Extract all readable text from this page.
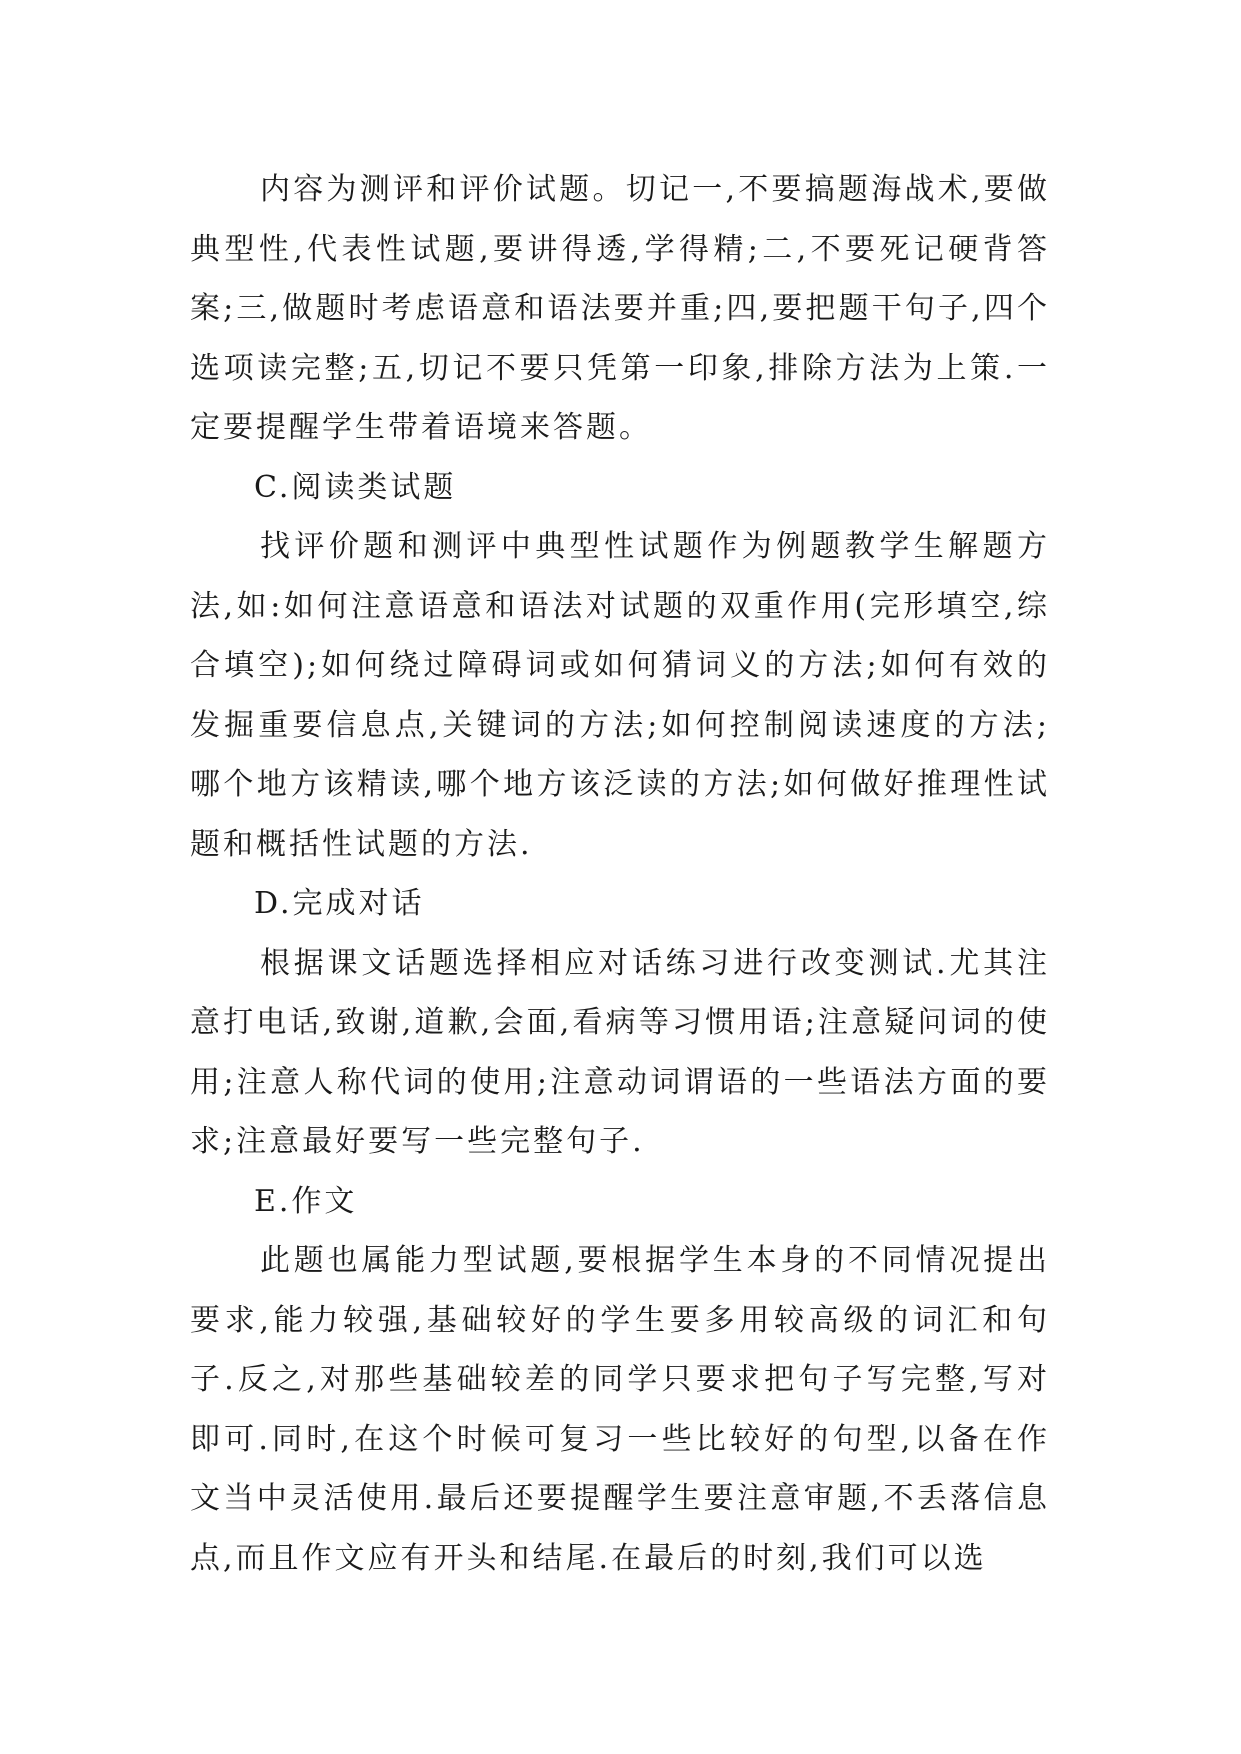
内容为测评和评价试题。切记一,不要搞题海战术,要做典型性,代表性试题,要讲得透,学得精;二,不要死记硬背答案;三,做题时考虑语意和语法要并重;四,要把题干句子,四个选项读完整;五,切记不要只凭第一印象,排除方法为上策.一定要提醒学生带着语境来答题。

C.阅读类试题

找评价题和测评中典型性试题作为例题教学生解题方法,如:如何注意语意和语法对试题的双重作用(完形填空,综合填空);如何绕过障碍词或如何猜词义的方法;如何有效的发掘重要信息点,关键词的方法;如何控制阅读速度的方法;哪个地方该精读,哪个地方该泛读的方法;如何做好推理性试题和概括性试题的方法.

D.完成对话

根据课文话题选择相应对话练习进行改变测试.尤其注意打电话,致谢,道歉,会面,看病等习惯用语;注意疑问词的使用;注意人称代词的使用;注意动词谓语的一些语法方面的要求;注意最好要写一些完整句子.

E.作文

此题也属能力型试题,要根据学生本身的不同情况提出要求,能力较强,基础较好的学生要多用较高级的词汇和句子.反之,对那些基础较差的同学只要求把句子写完整,写对即可.同时,在这个时候可复习一些比较好的句型,以备在作文当中灵活使用.最后还要提醒学生要注意审题,不丢落信息点,而且作文应有开头和结尾.在最后的时刻,我们可以选
